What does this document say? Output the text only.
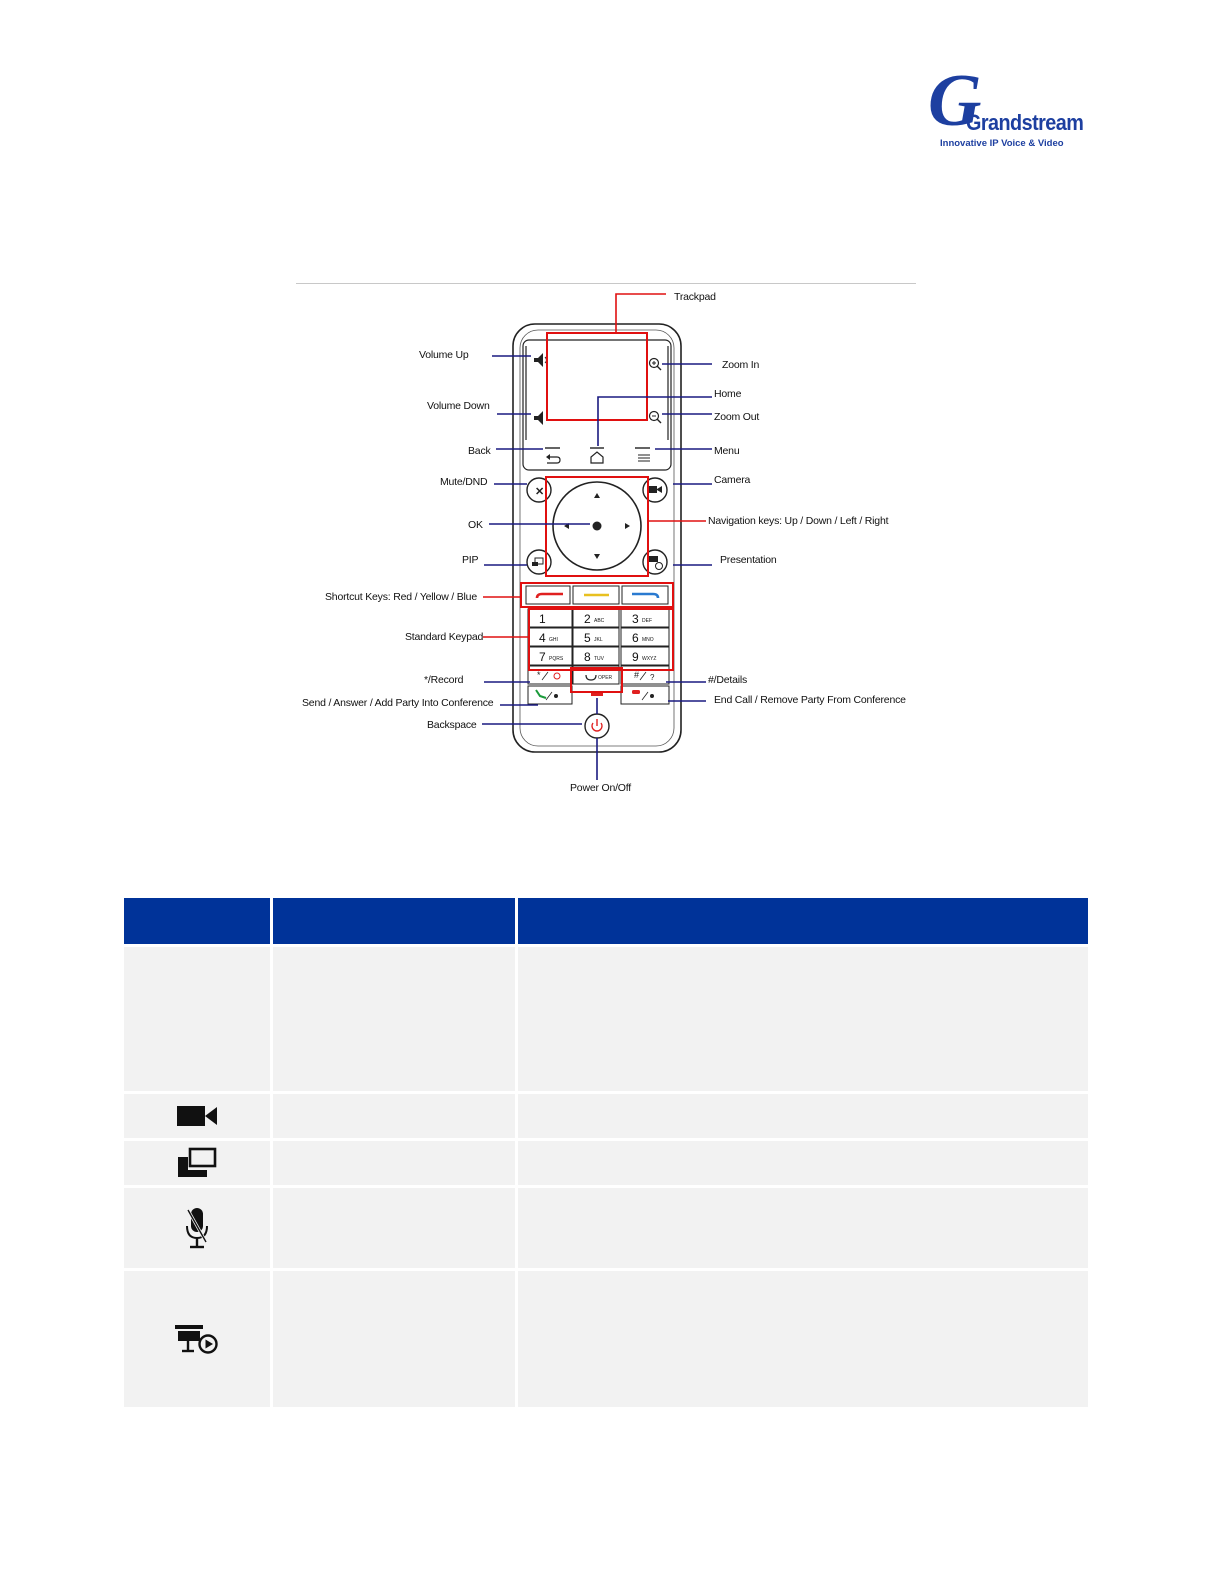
G
Grandstream
Innovative IP Voice & Video
✕
1	2 ABC 3 DEF
4 GHI 5 JKL 6 MNO
7 PQRS 8 TUV 9 WXYZ
*	OPER # ?
Trackpad
Volume Up
Zoom In
Home
Volume Down
Zoom Out
Back	Menu
Mute/DND	Camera
OK	Navigation keys: Up / Down / Left / Right
PIP	Presentation
Shortcut Keys: Red / Yellow / Blue
Standard Keypad
*/Record	#/Details
Send / Answer / Add Party Into Conference	End Call / Remove Party From Conference
Backspace
Power On/Off
